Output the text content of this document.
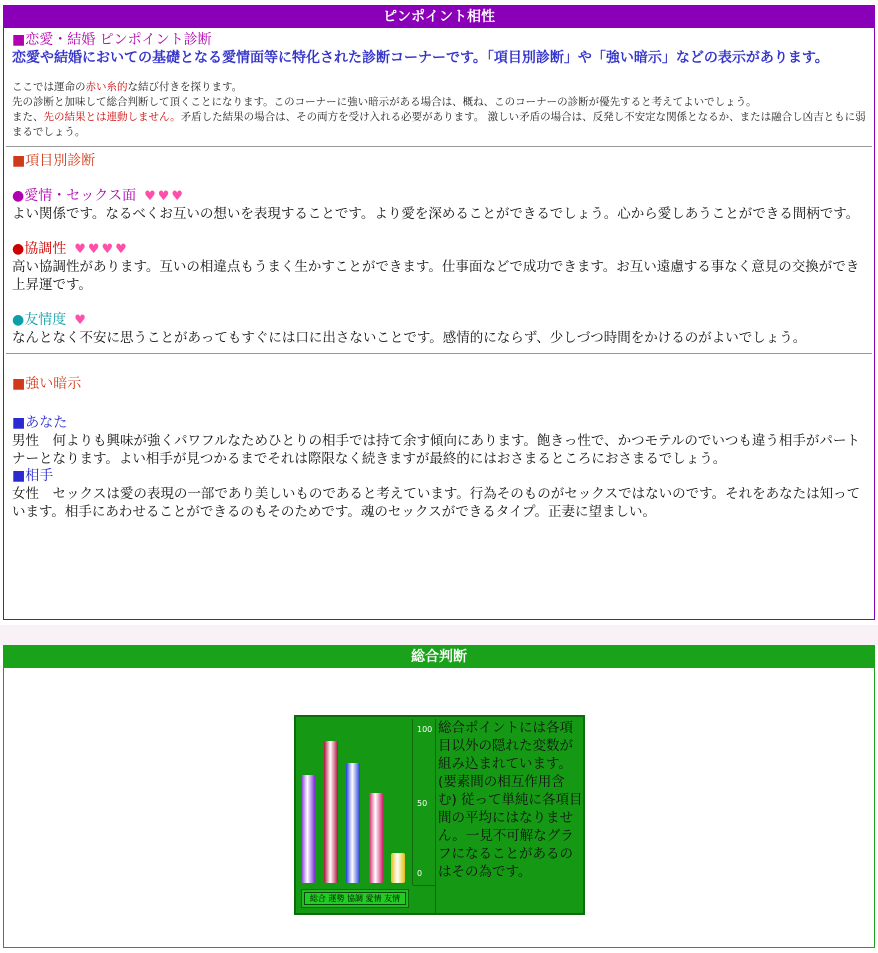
ピンポイント相性
■恋愛・結婚 ピンポイント診断
恋愛や結婚においての基礎となる愛情面等に特化された診断コーナーです。「項目別診断」や「強い暗示」などの表示があります。
ここでは運命の赤い糸的な結び付きを探ります。
先の診断と加味して総合判断して頂くことになります。このコーナーに強い暗示がある場合は、概ね、このコーナーの診断が優先すると考えてよいでしょう。
また、先の結果とは連動しません。矛盾した結果の場合は、その両方を受け入れる必要があります。 激しい矛盾の場合は、反発し不安定な関係となるか、または融合し凶吉ともに弱まるでしょう。
■項目別診断
●愛情・セックス面 ♥♥♥
よい関係です。なるべくお互いの想いを表現することです。より愛を深めることができるでしょう。心から愛しあうことができる間柄です。
●協調性 ♥♥♥♥
高い協調性があります。互いの相違点もうまく生かすことができます。仕事面などで成功できます。お互い遠慮する事なく意見の交換ができ上昇運です。
●友情度 ♥
なんとなく不安に思うことがあってもすぐには口に出さないことです。感情的にならず、少しづつ時間をかけるのがよいでしょう。
■強い暗示
■あなた
男性　何よりも興味が強くパワフルなためひとりの相手では持て余す傾向にあります。飽きっ性で、かつモテルのでいつも違う相手がパートナーとなります。よい相手が見つかるまでそれは際限なく続きますが最終的にはおさまるところにおさまるでしょう。
■相手
女性　セックスは愛の表現の一部であり美しいものであると考えています。行為そのものがセックスではないのです。それをあなたは知っています。相手にあわせることができるのもそのためです。魂のセックスができるタイプ。正妻に望ましい。
総合判断
100
50
0
総合 運勢 協調 愛情 友情
総合ポイントには各項目以外の隠れた変数が組み込まれています。(要素間の相互作用含む) 従って単純に各項目間の平均にはなりません。一見不可解なグラフになることがあるのはその為です。
